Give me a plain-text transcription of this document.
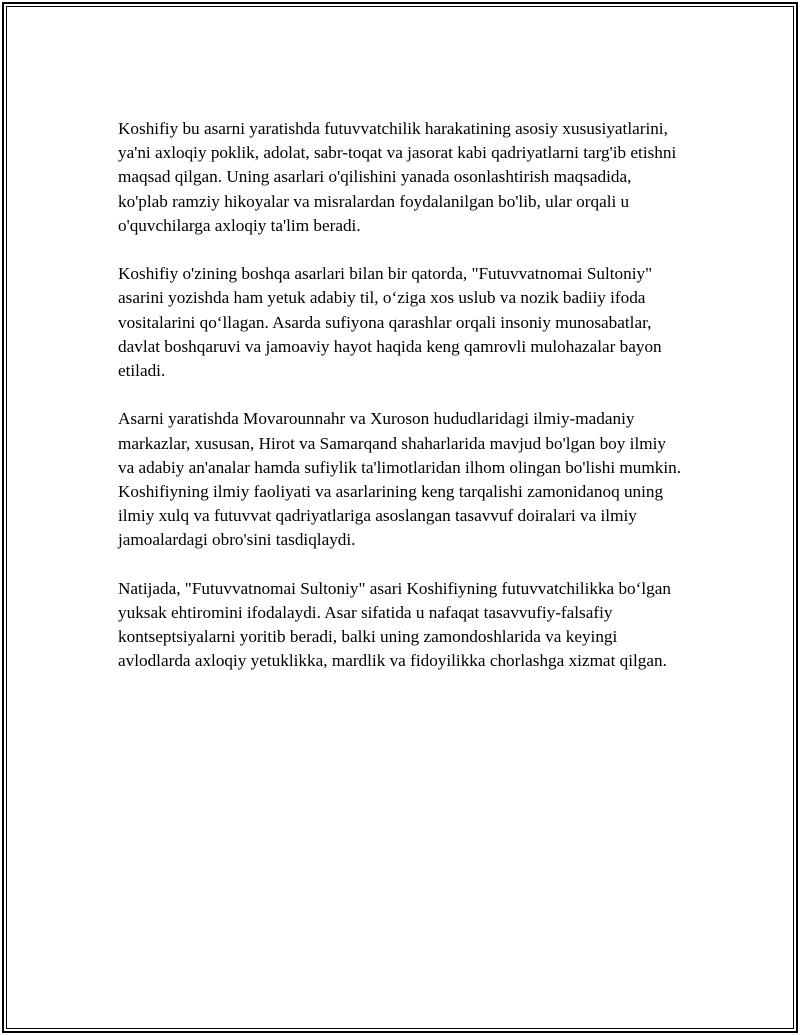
Koshifiy bu asarni yaratishda futuvvatchilik harakatining asosiy xususiyatlarini, ya'ni axloqiy poklik, adolat, sabr-toqat va jasorat kabi qadriyatlarni targ'ib etishni maqsad qilgan. Uning asarlari o'qilishini yanada osonlashtirish maqsadida, ko'plab ramziy hikoyalar va misralardan foydalanilgan bo'lib, ular orqali u o'quvchilarga axloqiy ta'lim beradi.

Koshifiy o'zining boshqa asarlari bilan bir qatorda, "Futuvvatnomai Sultoniy" asarini yozishda ham yetuk adabiy til, o‘ziga xos uslub va nozik badiiy ifoda vositalarini qo‘llagan. Asarda sufiyona qarashlar orqali insoniy munosabatlar, davlat boshqaruvi va jamoaviy hayot haqida keng qamrovli mulohazalar bayon etiladi.

Asarni yaratishda Movarounnahr va Xuroson hududlaridagi ilmiy-madaniy markazlar, xususan, Hirot va Samarqand shaharlarida mavjud bo'lgan boy ilmiy va adabiy an'analar hamda sufiylik ta'limotlaridan ilhom olingan bo'lishi mumkin. Koshifiyning ilmiy faoliyati va asarlarining keng tarqalishi zamonidanoq uning ilmiy xulq va futuvvat qadriyatlariga asoslangan tasavvuf doiralari va ilmiy jamoalardagi obro'sini tasdiqlaydi.

Natijada, "Futuvvatnomai Sultoniy" asari Koshifiyning futuvvatchilikka bo‘lgan yuksak ehtiromini ifodalaydi. Asar sifatida u nafaqat tasavvufiy-falsafiy kontseptsiyalarni yoritib beradi, balki uning zamondoshlarida va keyingi avlodlarda axloqiy yetuklikka, mardlik va fidoyilikka chorlashga xizmat qilgan.
